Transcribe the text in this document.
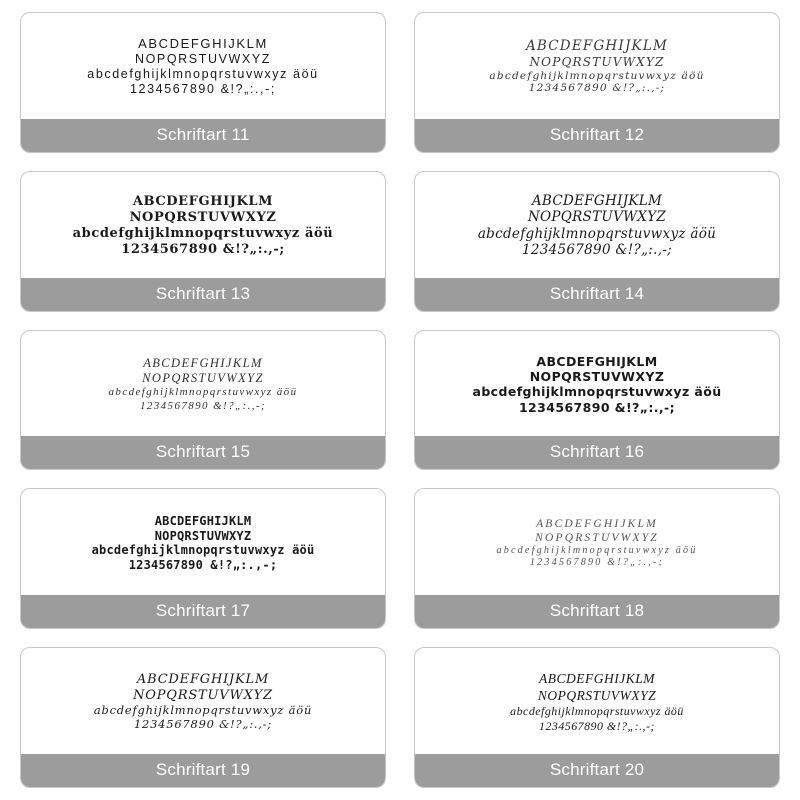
ABCDEFGHIJKLM
NOPQRSTUVWXYZ
abcdefghijklmnopqrstuvwxyz äöü
1234567890 &!?„:.,-;
Schriftart 11
ABCDEFGHIJKLM
NOPQRSTUVWXYZ
abcdefghijklmnopqrstuvwxyz äöü
1234567890 &!?„:.,-;
Schriftart 12
ABCDEFGHIJKLM
NOPQRSTUVWXYZ
abcdefghijklmnopqrstuvwxyz äöü
1234567890 &!?„:.,-;
Schriftart 13
ABCDEFGHIJKLM
NOPQRSTUVWXYZ
abcdefghijklmnopqrstuvwxyz äöü
1234567890 &!?„:.,-;
Schriftart 14
ABCDEFGHIJKLM
NOPQRSTUVWXYZ
abcdefghijklmnopqrstuvwxyz äöü
1234567890 &!?„:.,-;
Schriftart 15
ABCDEFGHIJKLM
NOPQRSTUVWXYZ
abcdefghijklmnopqrstuvwxyz äöü
1234567890 &!?„:.,-;
Schriftart 16
ABCDEFGHIJKLM
NOPQRSTUVWXYZ
abcdefghijklmnopqrstuvwxyz äöü
1234567890 &!?„:.,-;
Schriftart 17
ABCDEFGHIJKLM
NOPQRSTUVWXYZ
abcdefghijklmnopqrstuvwxyz äöü
1234567890 &!?„:.,-;
Schriftart 18
ABCDEFGHIJKLM
NOPQRSTUVWXYZ
abcdefghijklmnopqrstuvwxyz äöü
1234567890 &!?„:.,-;
Schriftart 19
ABCDEFGHIJKLM
NOPQRSTUVWXYZ
abcdefghijklmnopqrstuvwxyz äöü
1234567890 &!?„:.,-;
Schriftart 20
